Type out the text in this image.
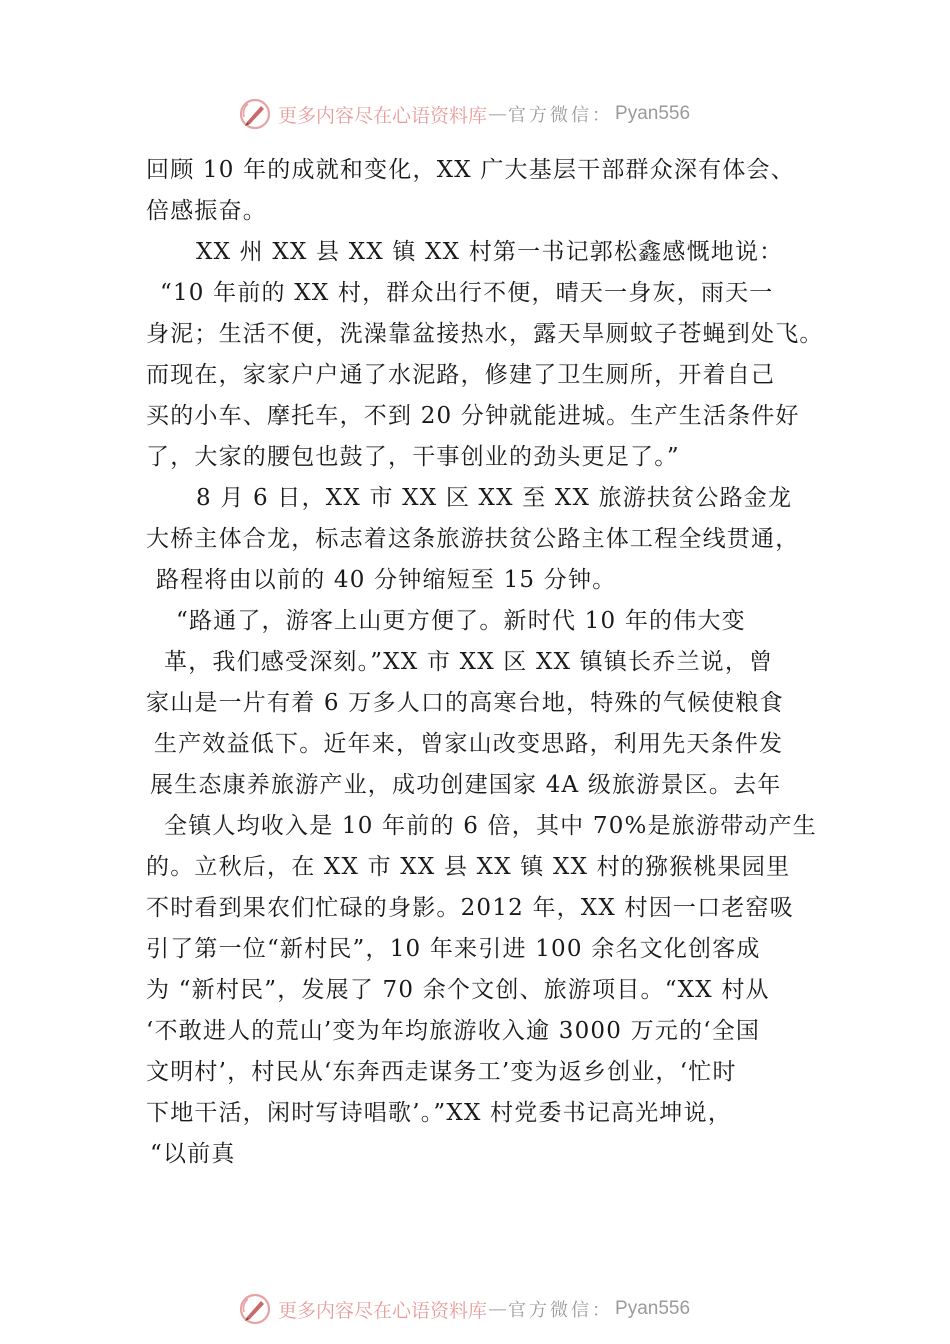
更多内容尽在心语资料库 — 官方微信： Pyan556
回顾 10 年的成就和变化，XX 广大基层干部群众深有体会、
倍感振奋。
XX 州 XX 县 XX 镇 XX 村第一书记郭松鑫感慨地说：
“10 年前的 XX 村，群众出行不便，晴天一身灰，雨天一
身泥；生活不便，洗澡靠盆接热水，露天旱厕蚊子苍蝇到处飞。
而现在，家家户户通了水泥路，修建了卫生厕所，开着自己
买的小车、摩托车，不到 20 分钟就能进城。生产生活条件好
了，大家的腰包也鼓了，干事创业的劲头更足了。”
8 月 6 日，XX 市 XX 区 XX 至 XX 旅游扶贫公路金龙
大桥主体合龙，标志着这条旅游扶贫公路主体工程全线贯通，
路程将由以前的 40 分钟缩短至 15 分钟。
“路通了，游客上山更方便了。新时代 10 年的伟大变
革，我们感受深刻。”XX 市 XX 区 XX 镇镇长乔兰说，曾
家山是一片有着 6 万多人口的高寒台地，特殊的气候使粮食
生产效益低下。近年来，曾家山改变思路，利用先天条件发
展生态康养旅游产业，成功创建国家 4A 级旅游景区。去年
全镇人均收入是 10 年前的 6 倍，其中 70%是旅游带动产生
的。立秋后，在 XX 市 XX 县 XX 镇 XX 村的猕猴桃果园里
不时看到果农们忙碌的身影。2012 年，XX 村因一口老窑吸
引了第一位“新村民”，10 年来引进 100 余名文化创客成
为 “新村民”，发展了 70 余个文创、旅游项目。“XX 村从
‘不敢进人的荒山’变为年均旅游收入逾 3000 万元的‘全国
文明村’，村民从‘东奔西走谋务工’变为返乡创业，‘忙时
下地干活，闲时写诗唱歌’。”XX 村党委书记高光坤说，
“以前真
更多内容尽在心语资料库 — 官方微信： Pyan556
